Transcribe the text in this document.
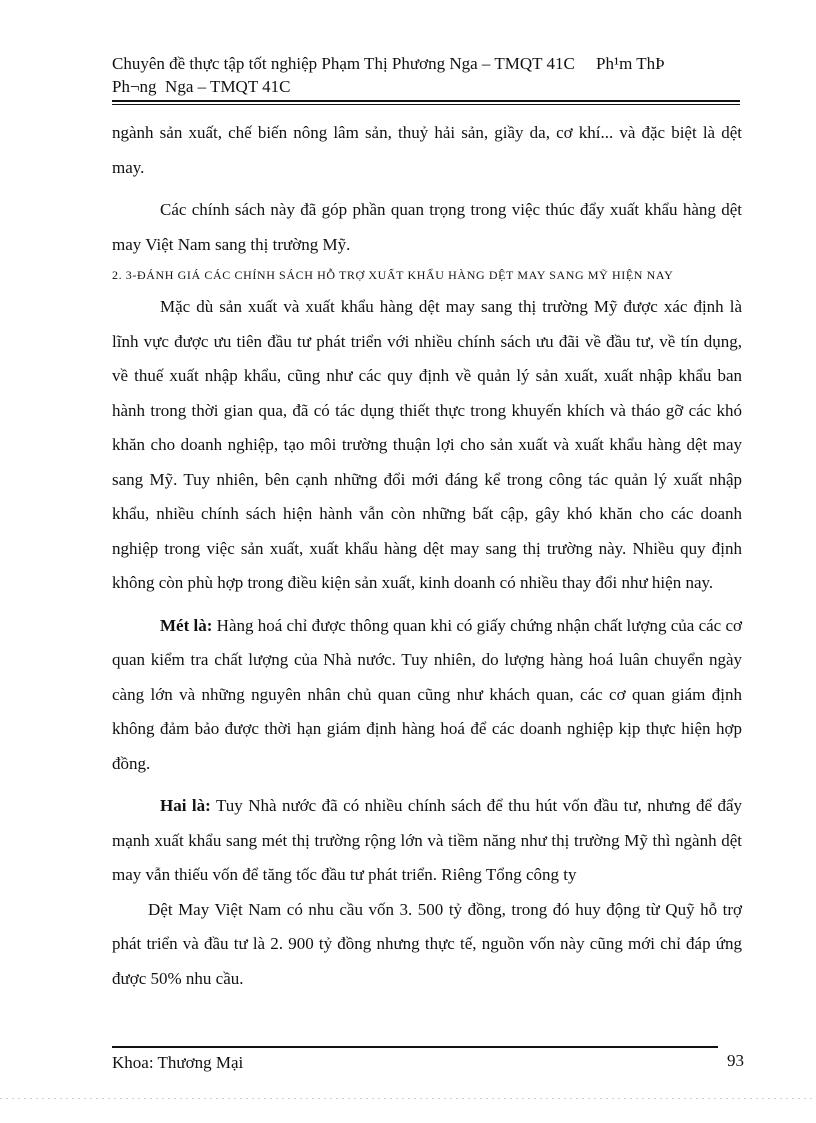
Chuyên đề thực tập tốt nghiệp Phạm Thị Phương Nga – TMQT 41C     Ph¹m ThÞ
Ph¬ng  Nga – TMQT 41C

ngành sản xuất, chế biến nông lâm sản, thuỷ hải sản, giầy da, cơ khí... và đặc biệt là dệt may.

Các chính sách này đã góp phần quan trọng trong việc thúc đẩy xuất khẩu hàng dệt may Việt Nam sang thị trường Mỹ.

2. 3-ĐÁNH GIÁ CÁC CHÍNH SÁCH HỖ TRỢ XUẤT KHẨU HÀNG DỆT MAY SANG MỸ HIỆN NAY

Mặc dù sản xuất và xuất khẩu hàng dệt may sang thị trường Mỹ được xác định là lĩnh vực được ưu tiên đầu tư phát triển với nhiều chính sách ưu đãi về đầu tư, về tín dụng, về thuế xuất nhập khẩu, cũng như các quy định về quản lý sản xuất, xuất nhập khẩu ban hành trong thời gian qua, đã có tác dụng thiết thực trong khuyến khích và tháo gỡ các khó khăn cho doanh nghiệp, tạo môi trường thuận lợi cho sản xuất và xuất khẩu hàng dệt may sang Mỹ. Tuy nhiên, bên cạnh những đổi mới đáng kể trong công tác quản lý xuất nhập khẩu, nhiều chính sách hiện hành vẫn còn những bất cập, gây khó khăn cho các doanh nghiệp trong việc sản xuất, xuất khẩu hàng dệt may sang thị trường này. Nhiều quy định không còn phù hợp trong điều kiện sản xuất, kinh doanh có nhiều thay đổi như hiện nay.

Mét là: Hàng hoá chỉ được thông quan khi có giấy chứng nhận chất lượng của các cơ quan kiểm tra chất lượng của Nhà nước. Tuy nhiên, do lượng hàng hoá luân chuyển ngày càng lớn và những nguyên nhân chủ quan cũng như khách quan, các cơ quan giám định không đảm bảo được thời hạn giám định hàng hoá để các doanh nghiệp kịp thực hiện hợp đồng.

Hai là: Tuy Nhà nước đã có nhiều chính sách để thu hút vốn đầu tư, nhưng để đẩy mạnh xuất khẩu sang mét thị trường rộng lớn và tiềm năng như thị trường Mỹ thì ngành dệt may vẫn thiếu vốn để tăng tốc đầu tư phát triển. Riêng Tổng công ty

Dệt May Việt Nam có nhu cầu vốn 3. 500 tỷ đồng, trong đó huy động từ Quỹ hỗ trợ phát triển và đầu tư là 2. 900 tỷ đồng nhưng thực tế, nguồn vốn này cũng mới chỉ đáp ứng được 50% nhu cầu.

Khoa: Thương Mại	93
